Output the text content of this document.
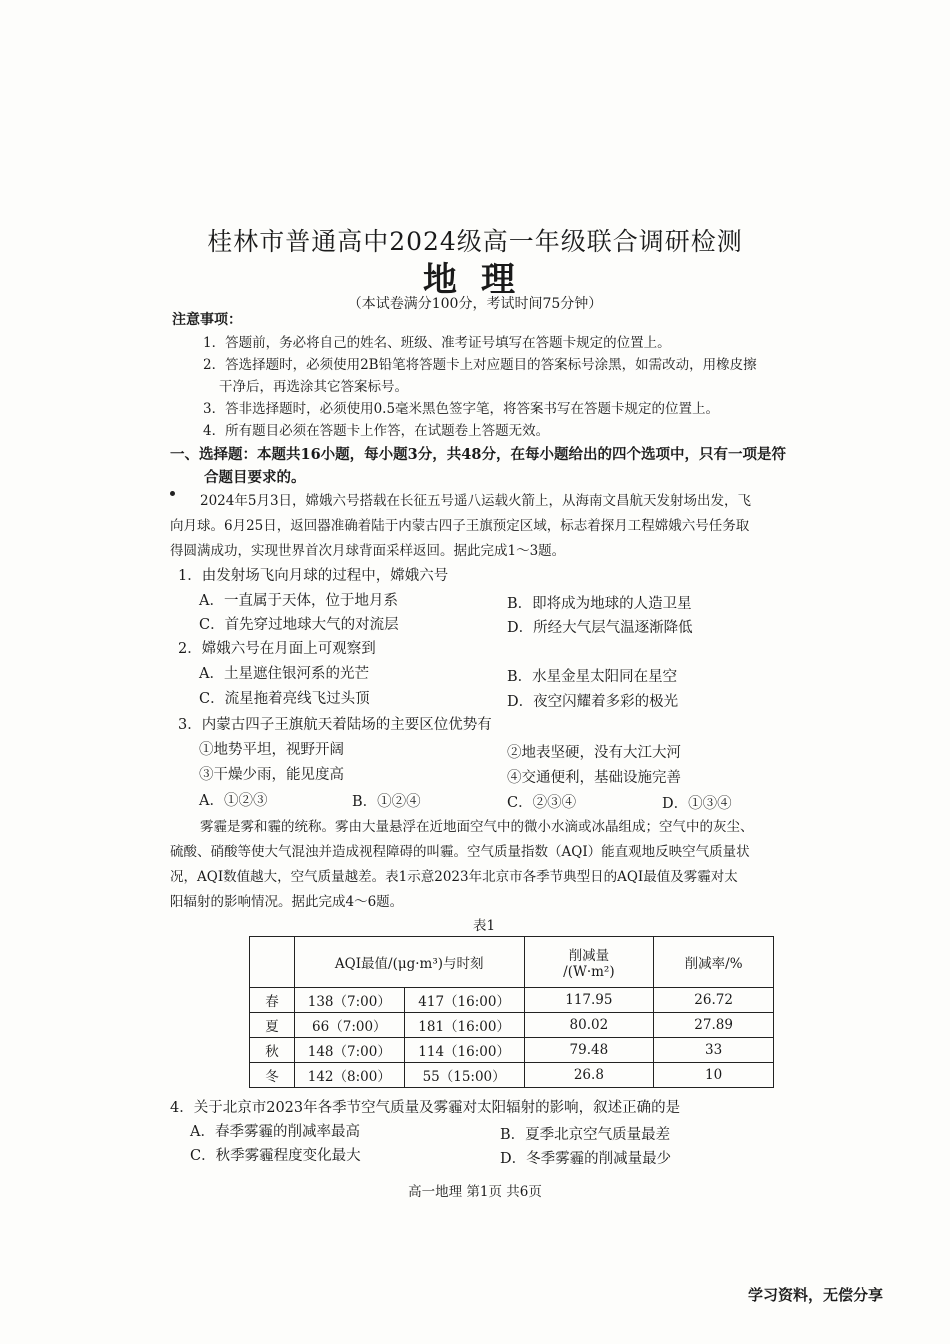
桂林市普通高中2024级高一年级联合调研检测
地理
（本试卷满分100分，考试时间75分钟）
注意事项：
1．答题前，务必将自己的姓名、班级、准考证号填写在答题卡规定的位置上。
2．答选择题时，必须使用2B铅笔将答题卡上对应题目的答案标号涂黑，如需改动，用橡皮擦
干净后，再选涂其它答案标号。
3．答非选择题时，必须使用0.5毫米黑色签字笔，将答案书写在答题卡规定的位置上。
4．所有题目必须在答题卡上作答，在试题卷上答题无效。
一、选择题：本题共16小题，每小题3分，共48分，在每小题给出的四个选项中，只有一项是符
合题目要求的。
2024年5月3日，嫦娥六号搭载在长征五号遥八运载火箭上，从海南文昌航天发射场出发，飞
向月球。6月25日，返回器准确着陆于内蒙古四子王旗预定区域，标志着探月工程嫦娥六号任务取
得圆满成功，实现世界首次月球背面采样返回。据此完成1～3题。
1．由发射场飞向月球的过程中，嫦娥六号
A．一直属于天体，位于地月系	B．即将成为地球的人造卫星
C．首先穿过地球大气的对流层	D．所经大气层气温逐渐降低
2．嫦娥六号在月面上可观察到
A．土星遮住银河系的光芒	B．水星金星太阳同在星空
C．流星拖着亮线飞过头顶	D．夜空闪耀着多彩的极光
3．内蒙古四子王旗航天着陆场的主要区位优势有
①地势平坦，视野开阔	②地表坚硬，没有大江大河
③干燥少雨，能见度高	④交通便利，基础设施完善
A．①②③	B．①②④	C．②③④	D．①③④
雾霾是雾和霾的统称。雾由大量悬浮在近地面空气中的微小水滴或冰晶组成；空气中的灰尘、
硫酸、硝酸等使大气混浊并造成视程障碍的叫霾。空气质量指数（AQI）能直观地反映空气质量状
况，AQI数值越大，空气质量越差。表1示意2023年北京市各季节典型日的AQI最值及雾霾对太
阳辐射的影响情况。据此完成4～6题。
表1
	AQI最值/(μg·m³)与时刻		削减量
/(W·m²)	削减率/%
春	138（7:00）	417（16:00）	117.95	26.72
夏	66（7:00）	181（16:00）	80.02	27.89
秋	148（7:00）	114（16:00）	79.48	33
冬	142（8:00）	55（15:00）	26.8	10
4．关于北京市2023年各季节空气质量及雾霾对太阳辐射的影响，叙述正确的是
A．春季雾霾的削减率最高	B．夏季北京空气质量最差
C．秋季雾霾程度变化最大	D．冬季雾霾的削减量最少
高一地理 第1页 共6页
学习资料，无偿分享
